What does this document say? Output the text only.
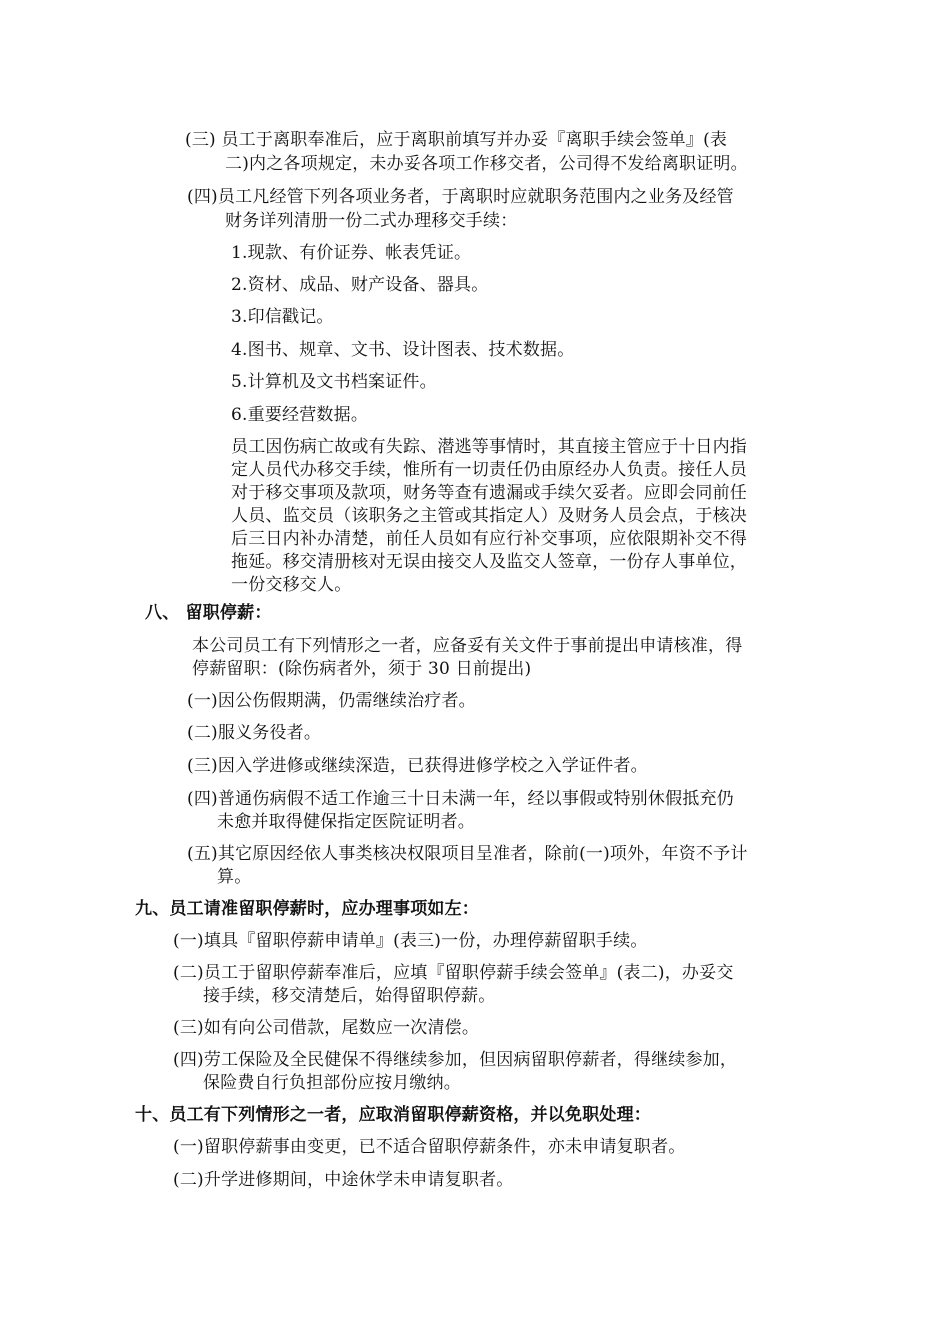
(三) 员工于离职奉准后，应于离职前填写并办妥『离职手续会签单』(表

二)内之各项规定，未办妥各项工作移交者，公司得不发给离职证明。

(四)员工凡经管下列各项业务者，于离职时应就职务范围内之业务及经管

财务详列清册一份二式办理移交手续：

1.现款、有价证券、帐表凭证。

2.资材、成品、财产设备、器具。

3.印信戳记。

4.图书、规章、文书、设计图表、技术数据。

5.计算机及文书档案证件。

6.重要经营数据。

员工因伤病亡故或有失踪、潜逃等事情时，其直接主管应于十日内指

定人员代办移交手续，惟所有一切责任仍由原经办人负责。接任人员

对于移交事项及款项，财务等查有遗漏或手续欠妥者。应即会同前任

人员、监交员（该职务之主管或其指定人）及财务人员会点，于核决

后三日内补办清楚，前任人员如有应行补交事项，应依限期补交不得

拖延。移交清册核对无误由接交人及监交人签章，一份存人事单位，

一份交移交人。

八、 留职停薪：

本公司员工有下列情形之一者，应备妥有关文件于事前提出申请核准，得

停薪留职：(除伤病者外，须于 30 日前提出)

(一)因公伤假期满，仍需继续治疗者。

(二)服义务役者。

(三)因入学进修或继续深造，已获得进修学校之入学证件者。

(四)普通伤病假不适工作逾三十日未满一年，经以事假或特别休假抵充仍

未愈并取得健保指定医院证明者。

(五)其它原因经依人事类核决权限项目呈准者，除前(一)项外，年资不予计

算。

九、员工请准留职停薪时，应办理事项如左：

(一)填具『留职停薪申请单』(表三)一份，办理停薪留职手续。

(二)员工于留职停薪奉准后，应填『留职停薪手续会签单』(表二)，办妥交

接手续，移交清楚后，始得留职停薪。

(三)如有向公司借款，尾数应一次清偿。

(四)劳工保险及全民健保不得继续参加，但因病留职停薪者，得继续参加，

保险费自行负担部份应按月缴纳。

十、员工有下列情形之一者，应取消留职停薪资格，并以免职处理：

(一)留职停薪事由变更，已不适合留职停薪条件，亦未申请复职者。

(二)升学进修期间，中途休学未申请复职者。
